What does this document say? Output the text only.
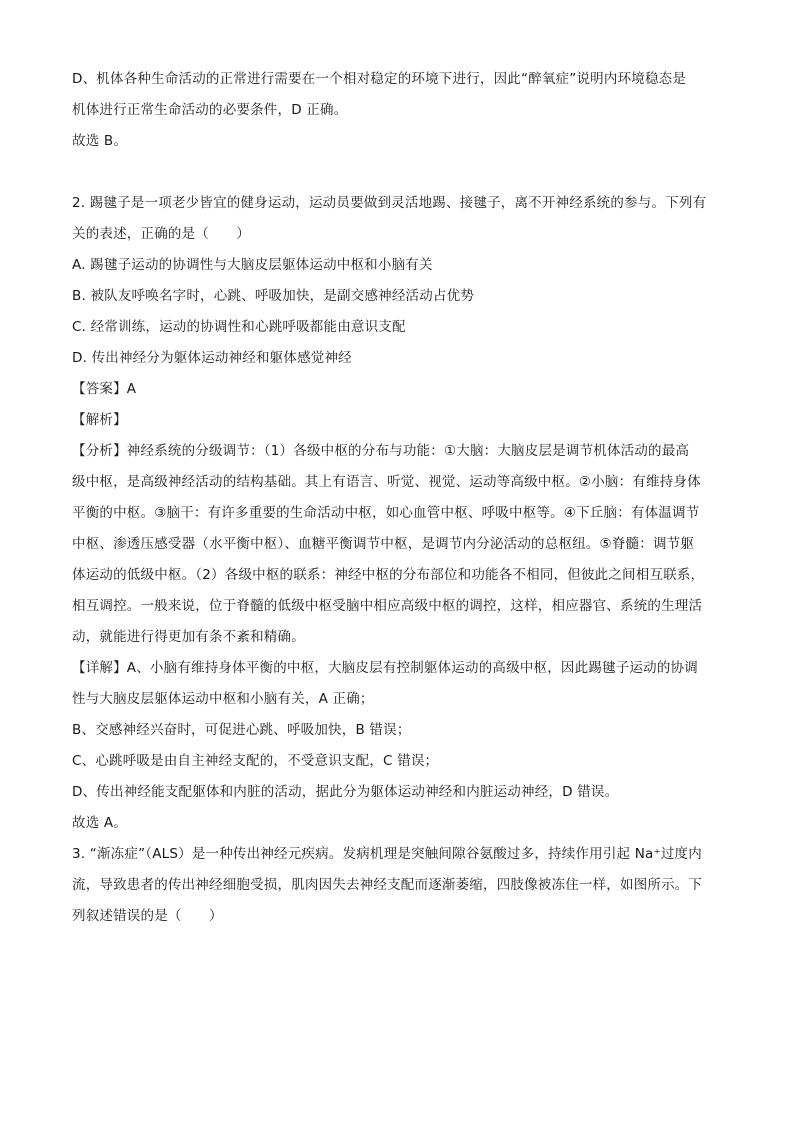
D、机体各种生命活动的正常进行需要在一个相对稳定的环境下进行，因此“醉氧症”说明内环境稳态是
机体进行正常生命活动的必要条件，D 正确。
故选 B。
2. 踢毽子是一项老少皆宜的健身运动，运动员要做到灵活地踢、接毽子，离不开神经系统的参与。下列有
关的表述，正确的是（　　）
A. 踢毽子运动的协调性与大脑皮层躯体运动中枢和小脑有关
B. 被队友呼唤名字时，心跳、呼吸加快，是副交感神经活动占优势
C. 经常训练，运动的协调性和心跳呼吸都能由意识支配
D. 传出神经分为躯体运动神经和躯体感觉神经
【答案】A
【解析】
【分析】神经系统的分级调节：（1）各级中枢的分布与功能：①大脑：大脑皮层是调节机体活动的最高
级中枢，是高级神经活动的结构基础。其上有语言、听觉、视觉、运动等高级中枢。②小脑：有维持身体
平衡的中枢。③脑干：有许多重要的生命活动中枢，如心血管中枢、呼吸中枢等。④下丘脑：有体温调节
中枢、渗透压感受器（水平衡中枢）、血糖平衡调节中枢，是调节内分泌活动的总枢纽。⑤脊髓：调节躯
体运动的低级中枢。（2）各级中枢的联系：神经中枢的分布部位和功能各不相同，但彼此之间相互联系，
相互调控。一般来说，位于脊髓的低级中枢受脑中相应高级中枢的调控，这样，相应器官、系统的生理活
动，就能进行得更加有条不紊和精确。
【详解】A、小脑有维持身体平衡的中枢，大脑皮层有控制躯体运动的高级中枢，因此踢毽子运动的协调
性与大脑皮层躯体运动中枢和小脑有关，A 正确；
B、交感神经兴奋时，可促进心跳、呼吸加快，B 错误；
C、心跳呼吸是由自主神经支配的，不受意识支配，C 错误；
D、传出神经能支配躯体和内脏的活动，据此分为躯体运动神经和内脏运动神经，D 错误。
故选 A。
3. “渐冻症”（ALS）是一种传出神经元疾病。发病机理是突触间隙谷氨酸过多，持续作用引起 Na⁺过度内
流，导致患者的传出神经细胞受损，肌肉因失去神经支配而逐渐萎缩，四肢像被冻住一样，如图所示。下
列叙述错误的是（　　）
